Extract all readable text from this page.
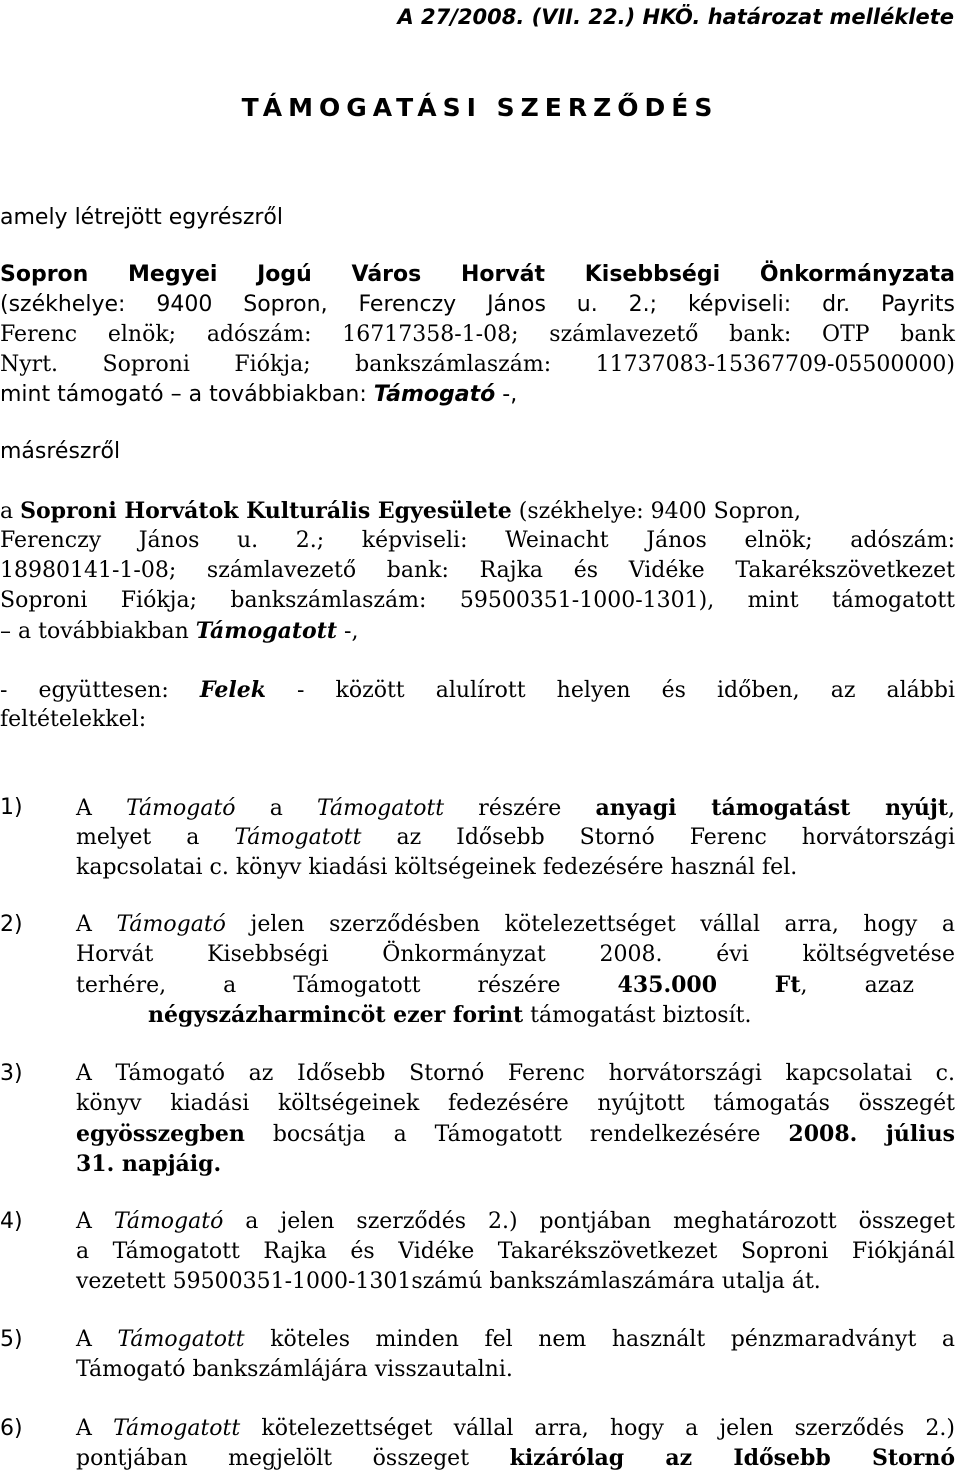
A 27/2008. (VII. 22.) HKÖ. határozat melléklete
TÁMOGATÁSI SZERZŐDÉS
amely létrejött egyrészről
Sopron Megyei Jogú Város Horvát Kisebbségi Önkormányzata
(székhelye: 9400 Sopron, Ferenczy János u. 2.; képviseli: dr. Payrits
Ferenc elnök; adószám: 16717358-1-08; számlavezető bank: OTP bank
Nyrt. Soproni Fiókja; bankszámlaszám: 11737083-15367709-05500000)
mint támogató – a továbbiakban: Támogató -,
másrészről
a Soproni Horvátok Kulturális Egyesülete (székhelye: 9400 Sopron,
Ferenczy János u. 2.; képviseli: Weinacht János elnök; adószám:
18980141-1-08; számlavezető bank: Rajka és Vidéke Takarékszövetkezet
Soproni Fiókja; bankszámlaszám: 59500351-1000-1301), mint támogatott
– a továbbiakban Támogatott -,
- együttesen: Felek - között alulírott helyen és időben, az alábbi
feltételekkel:
1) A Támogató a Támogatott részére anyagi támogatást nyújt,
melyet a Támogatott az Idősebb Stornó Ferenc horvátországi
kapcsolatai c. könyv kiadási költségeinek fedezésére használ fel.
2) A Támogató jelen szerződésben kötelezettséget vállal arra, hogy a
Horvát Kisebbségi Önkormányzat 2008. évi költségvetése
terhére, a Támogatott részére 435.000 Ft, azaz
négyszázharmincöt ezer forint támogatást biztosít.
3) A Támogató az Idősebb Stornó Ferenc horvátországi kapcsolatai c.
könyv kiadási költségeinek fedezésére nyújtott támogatás összegét
egyösszegben bocsátja a Támogatott rendelkezésére 2008. július
31. napjáig.
4) A Támogató a jelen szerződés 2.) pontjában meghatározott összeget
a Támogatott Rajka és Vidéke Takarékszövetkezet Soproni Fiókjánál
vezetett 59500351-1000-1301számú bankszámlaszámára utalja át.
5) A Támogatott köteles minden fel nem használt pénzmaradványt a
Támogató bankszámlájára visszautalni.
6) A Támogatott kötelezettséget vállal arra, hogy a jelen szerződés 2.)
pontjában megjelölt összeget kizárólag az Idősebb Stornó
